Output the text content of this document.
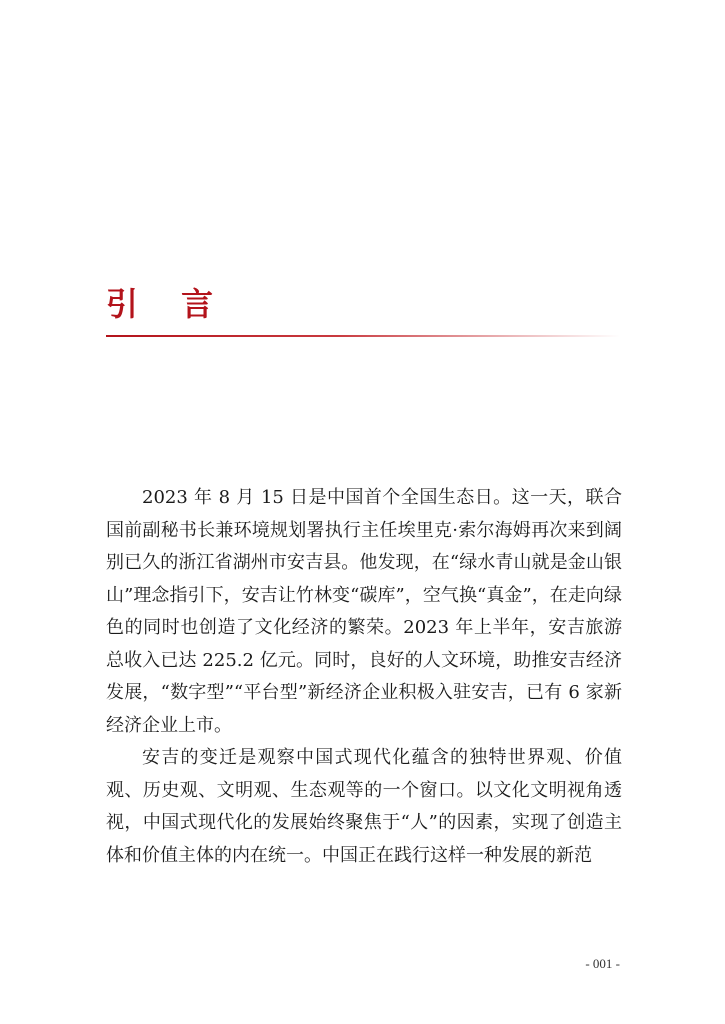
引 言

2023 年 8 月 15 日是中国首个全国生态日。这一天，联合国前副秘书长兼环境规划署执行主任埃里克·索尔海姆再次来到阔别已久的浙江省湖州市安吉县。他发现，在“绿水青山就是金山银山”理念指引下，安吉让竹林变“碳库”，空气换“真金”，在走向绿色的同时也创造了文化经济的繁荣。2023 年上半年，安吉旅游总收入已达 225.2 亿元。同时，良好的人文环境，助推安吉经济发展，“数字型”“平台型”新经济企业积极入驻安吉，已有 6 家新经济企业上市。

安吉的变迁是观察中国式现代化蕴含的独特世界观、价值观、历史观、文明观、生态观等的一个窗口。以文化文明视角透视，中国式现代化的发展始终聚焦于“人”的因素，实现了创造主体和价值主体的内在统一。中国正在践行这样一种发展的新范

- 001 -
